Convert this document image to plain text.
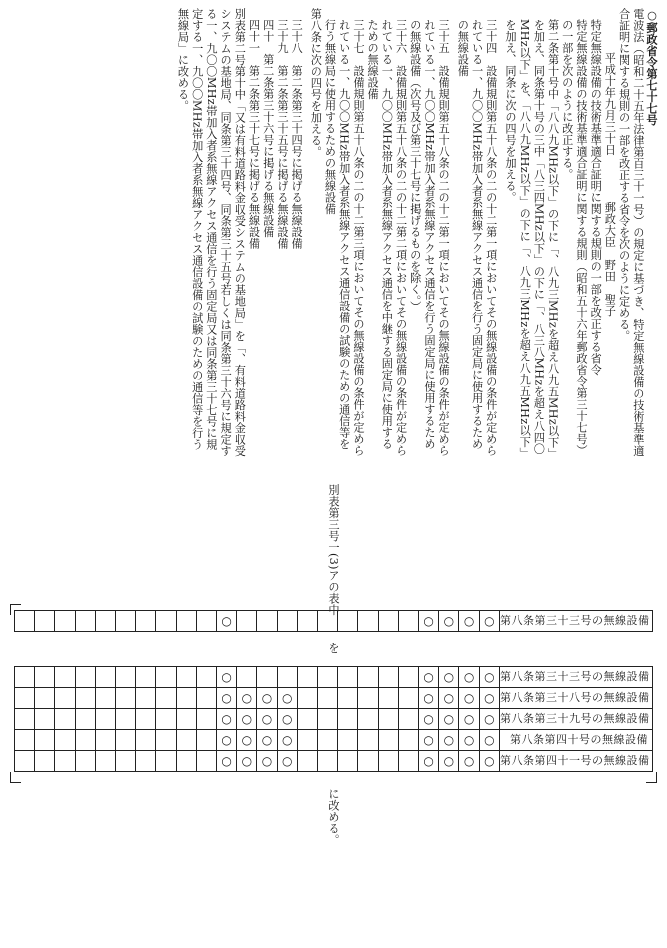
○郵政省令第七十七号

電波法（昭和二十五年法律第百三十一号）の規定に基づき、特定無線設備の技術基準適合証明に関する規則の一部を改正する省令を次のように定める。

平成十年九月三十日　　　　郵政大臣　野田　聖子

特定無線設備の技術基準適合証明に関する規則の一部を改正する省令

特定無線設備の技術基準適合証明に関する規則（昭和五十六年郵政省令第三十七号）の一部を次のように改正する。

第二条第十号中「八八九MHz以下」の下に「、八九三MHzを超え八九五MHz以下」を加え、同条第十号の三中「八三四MHz以下」の下に「、八三八MHzを超え八四〇MHz以下」を、「八八九MHz以下」の下に「、八九三MHzを超え八九五MHz以下」を加え、同条に次の四号を加える。

三十四　設備規則第五十八条の二の十二第一項においてその無線設備の条件が定められている一、九〇〇MHz帯加入者系無線アクセス通信を行う固定局に使用するための無線設備

三十五　設備規則第五十八条の二の十二第一項においてその無線設備の条件が定められている一、九〇〇MHz帯加入者系無線アクセス通信を行う固定局に使用するための無線設備（次号及び第三十七号に掲げるものを除く。）

三十六　設備規則第五十八条の二の十二第二項においてその無線設備の条件が定められている一、九〇〇MHz帯加入者系無線アクセス通信を中継する固定局に使用するための無線設備

三十七　設備規則第五十八条の二の十二第三項においてその無線設備の条件が定められている一、九〇〇MHz帯加入者系無線アクセス通信設備の試験のための通信等を行う無線局に使用するための無線設備

第八条に次の四号を加える。

三十八　第二条第三十四号に掲げる無線設備

三十九　第二条第三十五号に掲げる無線設備

四十　第二条第三十六号に掲げる無線設備

四十一　第二条第三十七号に掲げる無線設備

別表第二号第十中「又は有料道路料金収受システムの基地局」を「、有料道路料金収受システムの基地局、同条第三十四号、同条第三十五号若しくは同条第三十六号に規定する一、九〇〇MHz帯加入者系無線アクセス通信を行う固定局又は同条第三十七号に規定する一、九〇〇MHz帯加入者系無線アクセス通信設備の試験のための通信等を行う無線局」に改める。

別表第三号一(3)アの表中
										○										○	○	○	○	第八条第三十三号の無線設備
を
										○										○	○	○	○	第八条第三十三号の無線設備
										○	○	○	○							○	○	○	○	第八条第三十八号の無線設備
										○	○	○	○							○	○	○	○	第八条第三十九号の無線設備
										○	○	○	○							○	○	○	○	第八条第四十号の無線設備
										○	○	○	○							○	○	○	○	第八条第四十一号の無線設備
に改める。
